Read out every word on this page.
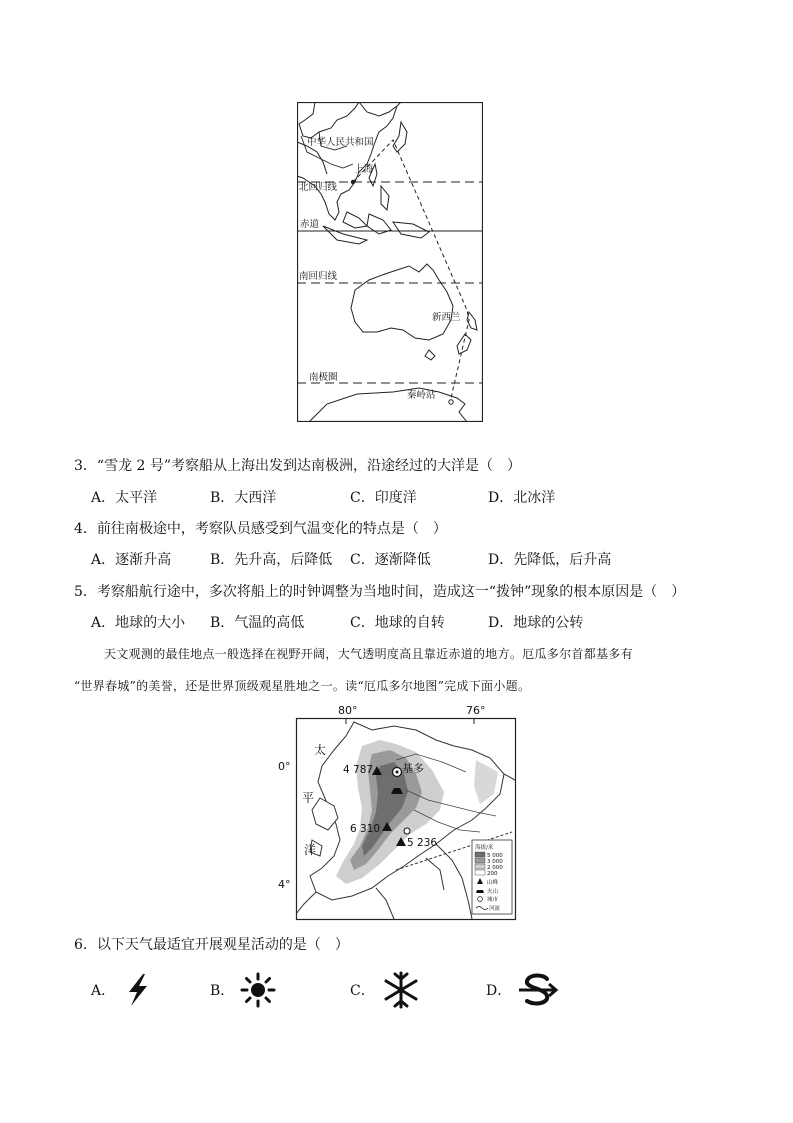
中华人民共和国
上海
北回归线
赤道
南回归线
新西兰
南极圈
秦岭站
3．“雪龙 2 号”考察船从上海出发到达南极洲，沿途经过的大洋是（　）
A．太平洋	B．大西洋	C．印度洋	D．北冰洋
4．前往南极途中，考察队员感受到气温变化的特点是（　）
A．逐渐升高	B．先升高，后降低 C．逐渐降低	D．先降低，后升高
5．考察船航行途中，多次将船上的时钟调整为当地时间，造成这一“拨钟”现象的根本原因是（　）
A．地球的大小 B．气温的高低	C．地球的自转	D．地球的公转
天文观测的最佳地点一般选择在视野开阔，大气透明度高且靠近赤道的地方。厄瓜多尔首都基多有
“世界春城”的美誉，还是世界顶级观星胜地之一。读“厄瓜多尔地图”完成下面小题。
80°	76°
0°
4°
太
平
洋
4 787	基多
6 310
5 236	海拔/米
5 000
3 000
2 000
200
山峰
火山
城市
河流
6．以下天气最适宜开展观星活动的是（　）
A．	B．	C．	D．
